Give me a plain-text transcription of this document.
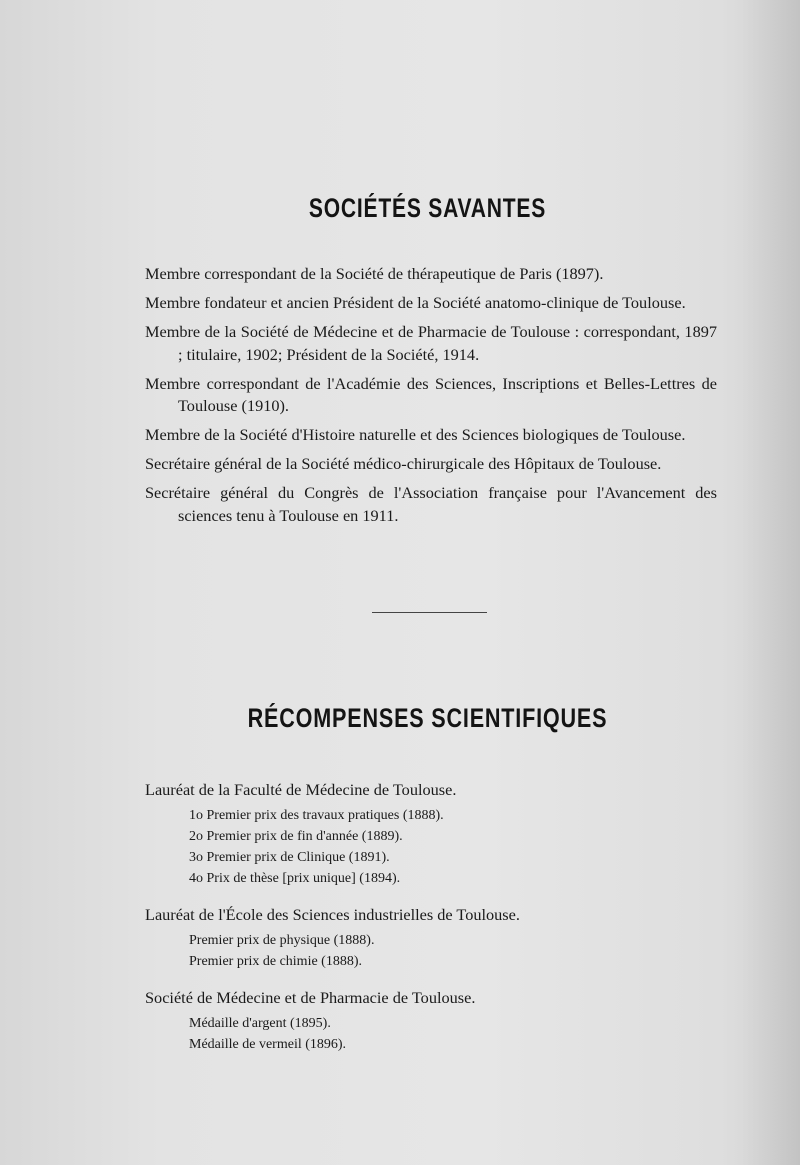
SOCIÉTÉS SAVANTES
Membre correspondant de la Société de thérapeutique de Paris (1897).
Membre fondateur et ancien Président de la Société anatomo-clinique de Toulouse.
Membre de la Société de Médecine et de Pharmacie de Toulouse : correspondant, 1897 ; titulaire, 1902; Président de la Société, 1914.
Membre correspondant de l'Académie des Sciences, Inscriptions et Belles-Lettres de Toulouse (1910).
Membre de la Société d'Histoire naturelle et des Sciences biologiques de Toulouse.
Secrétaire général de la Société médico-chirurgicale des Hôpitaux de Toulouse.
Secrétaire général du Congrès de l'Association française pour l'Avancement des sciences tenu à Toulouse en 1911.
RÉCOMPENSES SCIENTIFIQUES

Lauréat de la Faculté de Médecine de Toulouse.

1o Premier prix des travaux pratiques (1888).
2o Premier prix de fin d'année (1889).
3o Premier prix de Clinique (1891).
4o Prix de thèse [prix unique] (1894).

Lauréat de l'École des Sciences industrielles de Toulouse.

Premier prix de physique (1888).
Premier prix de chimie (1888).

Société de Médecine et de Pharmacie de Toulouse.

Médaille d'argent (1895).
Médaille de vermeil (1896).
